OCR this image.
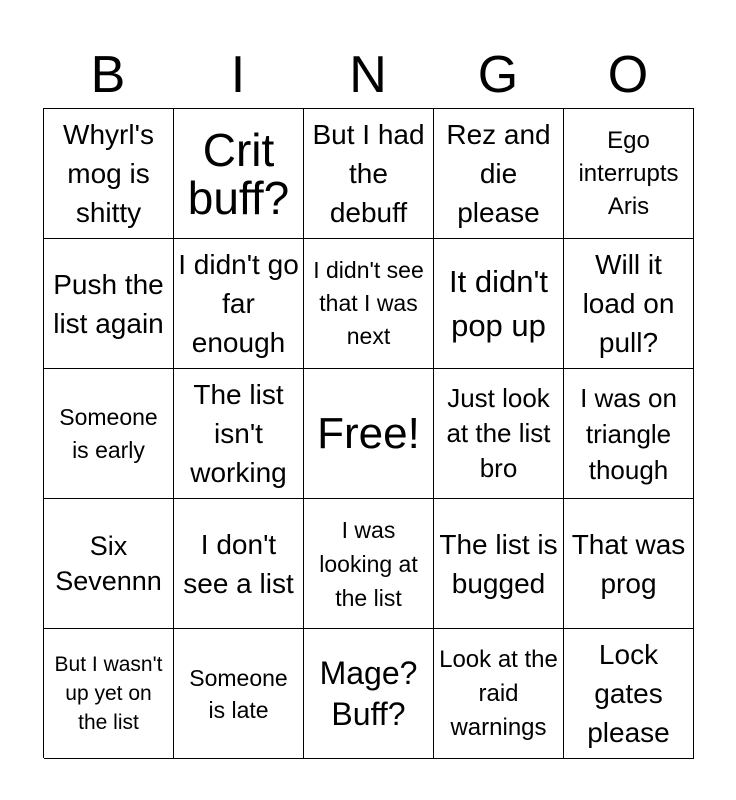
B	I	N	G	O
Whyrl's mog is shitty
Crit buff?
But I had the debuff
Rez and die please
Ego interrupts Aris
Push the list again
I didn't go far enough
I didn't see that I was next
It didn't pop up
Will it load on pull?
Someone is early
The list isn't working
Free!
Just look at the list bro
I was on triangle though
Six Sevennn
I don't see a list
I was looking at the list
The list is bugged
That was prog
But I wasn't up yet on the list
Someone is late
Mage? Buff?
Look at the raid warnings
Lock gates please
